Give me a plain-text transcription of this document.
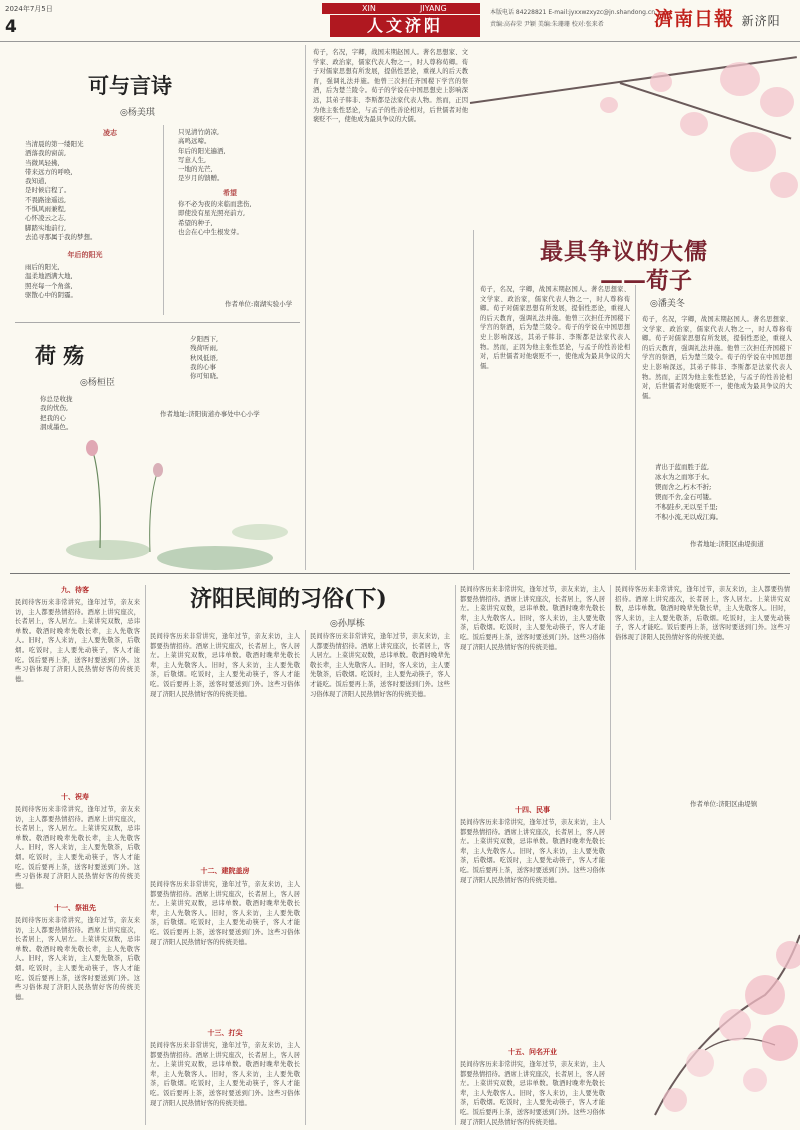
2024年7月5日
4
XIN	JIYANG
人文济阳
本版电话 84228821 E-mail:jyxxwzxyzc@jn.shandong.cn
责编:高春荣 尹颖 美编:朱珊珊 校对:张来希	濟南日報 新济阳
可与言诗
◎杨美琪
凌志
当清晨的第一缕阳光
洒落我的窗前,
当微风轻拂,
带来远方的呼唤,
我知道,
是时候启程了。
不畏路途遥远,
不惧风雨兼程,
心怀凌云之志,
脚踏实地前行,
去追寻那属于我的梦想。
年后的阳光
雨后的阳光,
温柔地洒满大地,
照亮每一个角落,
驱散心中的阴霾。
只见清竹荫凉,
高鸣远啼。
年后的阳光遍洒,
写意人生,
一地的光芒,
是岁月的馈赠。
希望
你不必为夜的来临而悲伤,
即使没有星光照亮前方,
希望的种子,
也会在心中生根发芽。
作者单位:南湖实验小学
荷 殇
◎杨桓臣
你总是收拢
我的忧伤,
把我的心
洇成墨色。
夕阳西下,
残荷听雨,
秋风低语,
我的心事
你可知晓。
作者地址:济阳街道办事处中心小学
荀子，名况，字卿，战国末期赵国人。著名思想家、文学家、政治家，儒家代表人物之一，时人尊称荀卿。荀子对儒家思想有所发展，提倡性恶论，重视人的后天教育，强调礼法并施。他曾三次担任齐国稷下学宫的祭酒，后为楚兰陵令。荀子的学说在中国思想史上影响深远，其弟子韩非、李斯都是法家代表人物。然而，正因为他主张性恶论，与孟子的性善论相对，后世儒者对他褒贬不一，使他成为最具争议的大儒。
荀子，名况，字卿，战国末期赵国人。著名思想家、文学家、政治家，儒家代表人物之一，时人尊称荀卿。荀子对儒家思想有所发展，提倡性恶论，重视人的后天教育，强调礼法并施。他曾三次担任齐国稷下学宫的祭酒，后为楚兰陵令。荀子的学说在中国思想史上影响深远，其弟子韩非、李斯都是法家代表人物。然而，正因为他主张性恶论，与孟子的性善论相对，后世儒者对他褒贬不一，使他成为最具争议的大儒。
最具争议的大儒
——荀子
◎潘美冬
荀子，名况，字卿，战国末期赵国人。著名思想家、文学家、政治家，儒家代表人物之一，时人尊称荀卿。荀子对儒家思想有所发展，提倡性恶论，重视人的后天教育，强调礼法并施。他曾三次担任齐国稷下学宫的祭酒，后为楚兰陵令。荀子的学说在中国思想史上影响深远，其弟子韩非、李斯都是法家代表人物。然而，正因为他主张性恶论，与孟子的性善论相对，后世儒者对他褒贬不一，使他成为最具争议的大儒。
青出于蓝而胜于蓝,
冰水为之而寒于水。
锲而舍之,朽木不折;
锲而不舍,金石可镂。
不积跬步,无以至千里;
不积小流,无以成江海。
作者地址:济阳区曲堤街道
济阳民间的习俗(下)
◎孙厚栋
九、待客
民间待客历来非常讲究，逢年过节，亲友来访，主人都要热情招待。酒席上讲究座次，长者居上，客人居左。上菜讲究双数，忌讳单数。敬酒时晚辈先敬长辈，主人先敬客人。旧时，客人来访，主人要先敬茶，后敬烟。吃饭时，主人要先动筷子，客人才能吃。饭后要再上茶，送客时要送到门外。这些习俗体现了济阳人民热情好客的传统美德。
十、祝寿
民间待客历来非常讲究，逢年过节，亲友来访，主人都要热情招待。酒席上讲究座次，长者居上，客人居左。上菜讲究双数，忌讳单数。敬酒时晚辈先敬长辈，主人先敬客人。旧时，客人来访，主人要先敬茶，后敬烟。吃饭时，主人要先动筷子，客人才能吃。饭后要再上茶，送客时要送到门外。这些习俗体现了济阳人民热情好客的传统美德。
十一、祭祖先
民间待客历来非常讲究，逢年过节，亲友来访，主人都要热情招待。酒席上讲究座次，长者居上，客人居左。上菜讲究双数，忌讳单数。敬酒时晚辈先敬长辈，主人先敬客人。旧时，客人来访，主人要先敬茶，后敬烟。吃饭时，主人要先动筷子，客人才能吃。饭后要再上茶，送客时要送到门外。这些习俗体现了济阳人民热情好客的传统美德。
民间待客历来非常讲究，逢年过节，亲友来访，主人都要热情招待。酒席上讲究座次，长者居上，客人居左。上菜讲究双数，忌讳单数。敬酒时晚辈先敬长辈，主人先敬客人。旧时，客人来访，主人要先敬茶，后敬烟。吃饭时，主人要先动筷子，客人才能吃。饭后要再上茶，送客时要送到门外。这些习俗体现了济阳人民热情好客的传统美德。
十二、建院盖房
民间待客历来非常讲究，逢年过节，亲友来访，主人都要热情招待。酒席上讲究座次，长者居上，客人居左。上菜讲究双数，忌讳单数。敬酒时晚辈先敬长辈，主人先敬客人。旧时，客人来访，主人要先敬茶，后敬烟。吃饭时，主人要先动筷子，客人才能吃。饭后要再上茶，送客时要送到门外。这些习俗体现了济阳人民热情好客的传统美德。
十三、打尖
民间待客历来非常讲究，逢年过节，亲友来访，主人都要热情招待。酒席上讲究座次，长者居上，客人居左。上菜讲究双数，忌讳单数。敬酒时晚辈先敬长辈，主人先敬客人。旧时，客人来访，主人要先敬茶，后敬烟。吃饭时，主人要先动筷子，客人才能吃。饭后要再上茶，送客时要送到门外。这些习俗体现了济阳人民热情好客的传统美德。
民间待客历来非常讲究，逢年过节，亲友来访，主人都要热情招待。酒席上讲究座次，长者居上，客人居左。上菜讲究双数，忌讳单数。敬酒时晚辈先敬长辈，主人先敬客人。旧时，客人来访，主人要先敬茶，后敬烟。吃饭时，主人要先动筷子，客人才能吃。饭后要再上茶，送客时要送到门外。这些习俗体现了济阳人民热情好客的传统美德。
民间待客历来非常讲究，逢年过节，亲友来访，主人都要热情招待。酒席上讲究座次，长者居上，客人居左。上菜讲究双数，忌讳单数。敬酒时晚辈先敬长辈，主人先敬客人。旧时，客人来访，主人要先敬茶，后敬烟。吃饭时，主人要先动筷子，客人才能吃。饭后要再上茶，送客时要送到门外。这些习俗体现了济阳人民热情好客的传统美德。
十四、民事
民间待客历来非常讲究，逢年过节，亲友来访，主人都要热情招待。酒席上讲究座次，长者居上，客人居左。上菜讲究双数，忌讳单数。敬酒时晚辈先敬长辈，主人先敬客人。旧时，客人来访，主人要先敬茶，后敬烟。吃饭时，主人要先动筷子，客人才能吃。饭后要再上茶，送客时要送到门外。这些习俗体现了济阳人民热情好客的传统美德。
十五、问名开业
民间待客历来非常讲究，逢年过节，亲友来访，主人都要热情招待。酒席上讲究座次，长者居上，客人居左。上菜讲究双数，忌讳单数。敬酒时晚辈先敬长辈，主人先敬客人。旧时，客人来访，主人要先敬茶，后敬烟。吃饭时，主人要先动筷子，客人才能吃。饭后要再上茶，送客时要送到门外。这些习俗体现了济阳人民热情好客的传统美德。
民间待客历来非常讲究，逢年过节，亲友来访，主人都要热情招待。酒席上讲究座次，长者居上，客人居左。上菜讲究双数，忌讳单数。敬酒时晚辈先敬长辈，主人先敬客人。旧时，客人来访，主人要先敬茶，后敬烟。吃饭时，主人要先动筷子，客人才能吃。饭后要再上茶，送客时要送到门外。这些习俗体现了济阳人民热情好客的传统美德。
作者单位:济阳区曲堤镇
